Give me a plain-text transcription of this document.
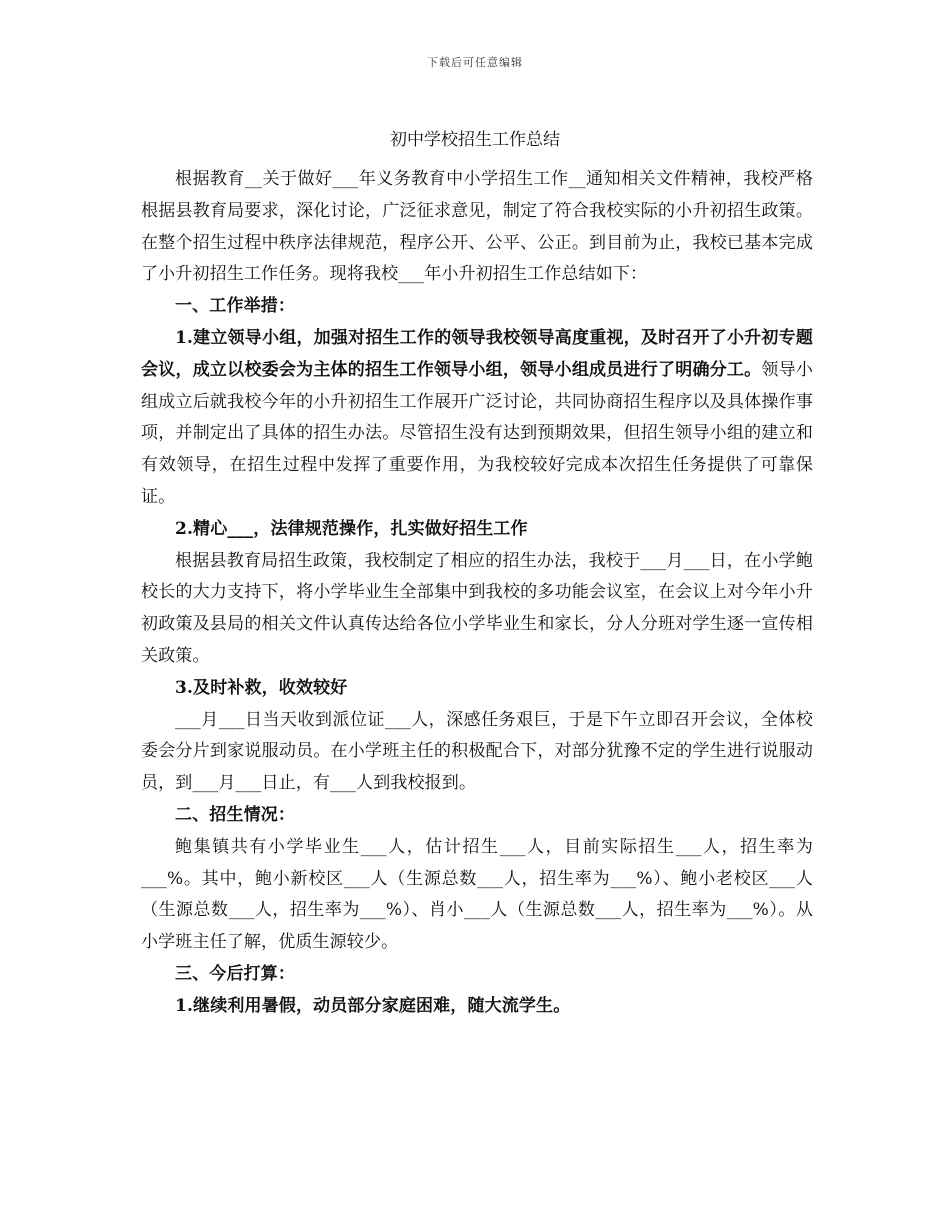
下载后可任意编辑
初中学校招生工作总结

根据教育__关于做好___年义务教育中小学招生工作__通知相关文件精神，我校严格根据县教育局要求，深化讨论，广泛征求意见，制定了符合我校实际的小升初招生政策。在整个招生过程中秩序法律规范，程序公开、公平、公正。到目前为止，我校已基本完成了小升初招生工作任务。现将我校___年小升初招生工作总结如下：

一、工作举措：

1.建立领导小组，加强对招生工作的领导我校领导高度重视，及时召开了小升初专题会议，成立以校委会为主体的招生工作领导小组，领导小组成员进行了明确分工。领导小组成立后就我校今年的小升初招生工作展开广泛讨论，共同协商招生程序以及具体操作事项，并制定出了具体的招生办法。尽管招生没有达到预期效果，但招生领导小组的建立和有效领导，在招生过程中发挥了重要作用，为我校较好完成本次招生任务提供了可靠保证。

2.精心___，法律规范操作，扎实做好招生工作

根据县教育局招生政策，我校制定了相应的招生办法，我校于___月___日，在小学鲍校长的大力支持下，将小学毕业生全部集中到我校的多功能会议室，在会议上对今年小升初政策及县局的相关文件认真传达给各位小学毕业生和家长，分人分班对学生逐一宣传相关政策。

3.及时补救，收效较好

___月___日当天收到派位证___人，深感任务艰巨，于是下午立即召开会议，全体校委会分片到家说服动员。在小学班主任的积极配合下，对部分犹豫不定的学生进行说服动员，到___月___日止，有___人到我校报到。

二、招生情况：

鲍集镇共有小学毕业生___人，估计招生___人，目前实际招生___人，招生率为___%。其中，鲍小新校区___人（生源总数___人，招生率为___%）、鲍小老校区___人（生源总数___人，招生率为___%）、肖小___人（生源总数___人，招生率为___%）。从小学班主任了解，优质生源较少。

三、今后打算：

1.继续利用暑假，动员部分家庭困难，随大流学生。
